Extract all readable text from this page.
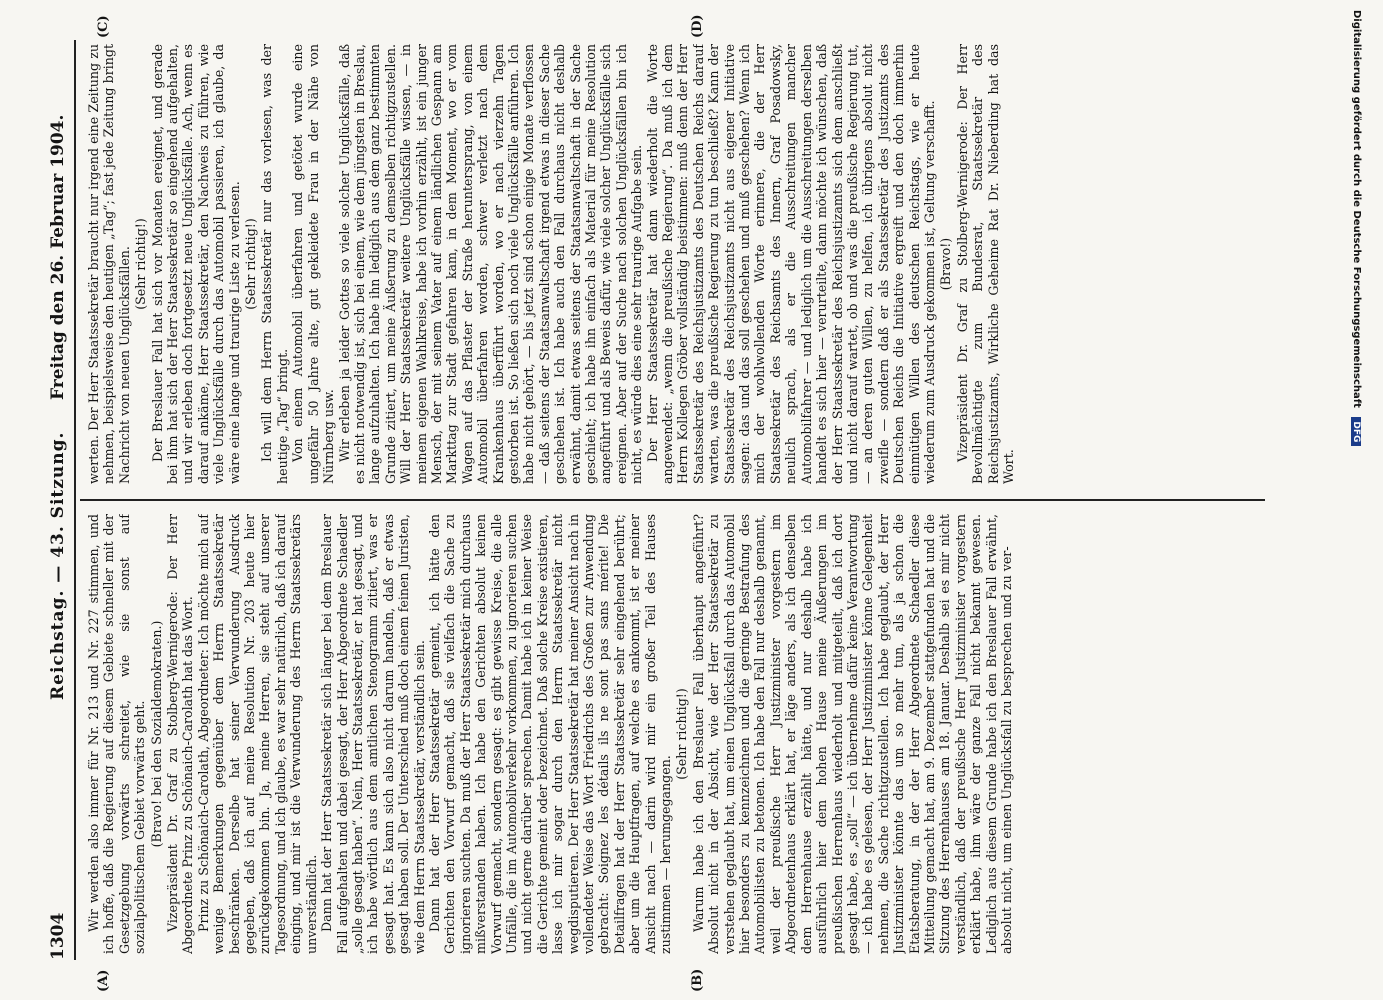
1304
Reichstag. — 43. Sitzung.
Freitag den 26. Februar 1904.
(A)	(B)
(C)	(D)

Wir werden also immer für Nr. 213 und Nr. 227 stimmen, und ich hoffe, daß die Regierung auf diesem Gebiete schneller mit der Gesetzgebung vorwärts schreitet, wie sie sonst auf sozialpolitischem Gebiet vorwärts geht. (Bravo! bei den Sozialdemokraten.) Vizepräsident Dr. Graf zu Stolberg-Wernigerode: Der Herr Abgeordnete Prinz zu Schönaich-Carolath hat das Wort. Prinz zu Schönaich-Carolath, Abgeordneter: Ich möchte mich auf wenige Bemerkungen gegenüber dem Herrn Staatssekretär beschränken. Derselbe hat seiner Verwunderung Ausdruck gegeben, daß ich auf meine Resolution Nr. 203 heute hier zurückgekommen bin. Ja, meine Herren, sie steht auf unserer Tagesordnung, und ich glaube, es war sehr natürlich, daß ich darauf einging, und mir ist die Verwunderung des Herrn Staatssekretärs unverständlich. Dann hat der Herr Staatssekretär sich länger bei dem Breslauer Fall aufgehalten und dabei gesagt, der Herr Abgeordnete Schaedler „solle gesagt haben“. Nein, Herr Staatssekretär, er hat gesagt, und ich habe wörtlich aus dem amtlichen Stenogramm zitiert, was er gesagt hat. Es kann sich also nicht darum handeln, daß er etwas gesagt haben soll. Der Unterschied muß doch einem feinen Juristen, wie dem Herrn Staatssekretär, verständlich sein. Dann hat der Herr Staatssekretär gemeint, ich hätte den Gerichten den Vorwurf gemacht, daß sie vielfach die Sache zu ignorieren suchten. Da muß der Herr Staatssekretär mich durchaus mißverstanden haben. Ich habe den Gerichten absolut keinen Vorwurf gemacht, sondern gesagt: es gibt gewisse Kreise, die alle Unfälle, die im Automobilverkehr vorkommen, zu ignorieren suchen und nicht gerne darüber sprechen. Damit habe ich in keiner Weise die Gerichte gemeint oder bezeichnet. Daß solche Kreise existieren, lasse ich mir sogar durch den Herrn Staatssekretär nicht wegdisputieren. Der Herr Staatssekretär hat meiner Ansicht nach in vollendeter Weise das Wort Friedrichs des Großen zur Anwendung gebracht: Soignez les détails ils ne sont pas sans mérite! Die Detailfragen hat der Herr Staatssekretär sehr eingehend berührt; aber um die Hauptfragen, auf welche es ankommt, ist er meiner Ansicht nach — darin wird mir ein großer Teil des Hauses zustimmen — herumgegangen.

(Sehr richtig!) Warum habe ich den Breslauer Fall überhaupt angeführt? Absolut nicht in der Absicht, wie der Herr Staatssekretär zu verstehen geglaubt hat, um einen Unglücksfall durch das Automobil hier besonders zu kennzeichnen und die geringe Bestrafung des Automobilisten zu betonen. Ich habe den Fall nur deshalb genannt, weil der preußische Herr Justizminister vorgestern im Abgeordnetenhaus erklärt hat, er läge anders, als ich denselben dem Herrenhause erzählt hätte, und nur deshalb habe ich ausführlich hier dem hohen Hause meine Äußerungen im preußischen Herrenhaus wiederholt und mitgeteilt, daß ich dort gesagt habe, es „soll“ — ich übernehme dafür keine Verantwortung — ich habe es gelesen, der Herr Justizminister könne Gelegenheit nehmen, die Sache richtigzustellen. Ich habe geglaubt, der Herr Justizminister könnte das um so mehr tun, als ja schon die Etatsberatung, in der der Herr Abgeordnete Schaedler diese Mitteilung gemacht hat, am 9. Dezember stattgefunden hat und die Sitzung des Herrenhauses am 18. Januar. Deshalb sei es mir nicht verständlich, daß der preußische Herr Justizminister vorgestern erklärt habe, ihm wäre der ganze Fall nicht bekannt gewesen. Lediglich aus diesem Grunde habe ich den Breslauer Fall erwähnt, absolut nicht, um einen Unglücksfall zu besprechen und zu ver-

werten. Der Herr Staatssekretär braucht nur irgend eine Zeitung zu nehmen, beispielsweise den heutigen „Tag“; fast jede Zeitung bringt Nachricht von neuen Unglücksfällen. (Sehr richtig!) Der Breslauer Fall hat sich vor Monaten ereignet, und gerade bei ihm hat sich der Herr Staatssekretär so eingehend aufgehalten, und wir erleben doch fortgesetzt neue Unglücksfälle. Ach, wenn es darauf ankäme, Herr Staatssekretär, den Nachweis zu führen, wie viele Unglücksfälle durch das Automobil passieren, ich glaube, da wäre eine lange und traurige Liste zu verlesen. (Sehr richtig!) Ich will dem Herrn Staatssekretär nur das vorlesen, was der heutige „Tag“ bringt. Von einem Automobil überfahren und getötet wurde eine ungefähr 50 Jahre alte, gut gekleidete Frau in der Nähe von Nürnberg usw. Wir erleben ja leider Gottes so viele solcher Unglücksfälle, daß es nicht notwendig ist, sich bei einem, wie dem jüngsten in Breslau, lange aufzuhalten. Ich habe ihn lediglich aus dem ganz bestimmten Grunde zitiert, um meine Äußerung zu demselben richtigzustellen. Will der Herr Staatssekretär weitere Unglücksfälle wissen, — in meinem eigenen Wahlkreise, habe ich vorhin erzählt, ist ein junger Mensch, der mit seinem Vater auf einem ländlichen Gespann am Markttag zur Stadt gefahren kam, in dem Moment, wo er vom Wagen auf das Pflaster der Straße heruntersprang, von einem Automobil überfahren worden, schwer verletzt nach dem Krankenhaus überführt worden, wo er nach vierzehn Tagen gestorben ist. So ließen sich noch viele Unglücksfälle anführen. Ich habe nicht gehört, — bis jetzt sind schon einige Monate verflossen — daß seitens der Staatsanwaltschaft irgend etwas in dieser Sache geschehen ist. Ich habe auch den Fall durchaus nicht deshalb erwähnt, damit etwas seitens der Staatsanwaltschaft in der Sache geschieht; ich habe ihn einfach als Material für meine Resolution angeführt und als Beweis dafür, wie viele solcher Unglücksfälle sich ereignen. Aber auf der Suche nach solchen Unglücksfällen bin ich nicht, es würde dies eine sehr traurige Aufgabe sein. Der Herr Staatssekretär hat dann wiederholt die Worte angewendet: „wenn die preußische Regierung“. Da muß ich dem Herrn Kollegen Gröber vollständig beistimmen: muß denn der Herr Staatssekretär des Reichsjustizamts des Deutschen Reichs darauf warten, was die preußische Regierung zu tun beschließt? Kann der Staatssekretär des Reichsjustizamts nicht aus eigener Initiative sagen: das und das soll geschehen und muß geschehen? Wenn ich mich der wohlwollenden Worte erinnere, die der Herr Staatssekretär des Reichsamts des Innern, Graf Posadowsky, neulich sprach, als er die Ausschreitungen mancher Automobilfahrer — und lediglich um die Ausschreitungen derselben handelt es sich hier — verurteilte, dann möchte ich wünschen, daß der Herr Staatssekretär des Reichsjustizamts sich dem anschließt und nicht darauf wartet, ob und was die preußische Regierung tut, — an deren guten Willen, zu helfen, ich übrigens absolut nicht zweifle — sondern daß er als Staatssekretär des Justizamts des Deutschen Reichs die Initiative ergreift und den doch immerhin einmütigen Willen des deutschen Reichstags, wie er heute wiederum zum Ausdruck gekommen ist, Geltung verschafft. (Bravo!) Vizepräsident Dr. Graf zu Stolberg-Wernigerode: Der Herr Bevollmächtigte zum Bundesrat, Staatssekretär des Reichsjustizamts, Wirkliche Geheime Rat Dr. Nieberding hat das Wort.

Digitalisierung gefördert durch die Deutsche Forschungsgemeinschaft DFG
